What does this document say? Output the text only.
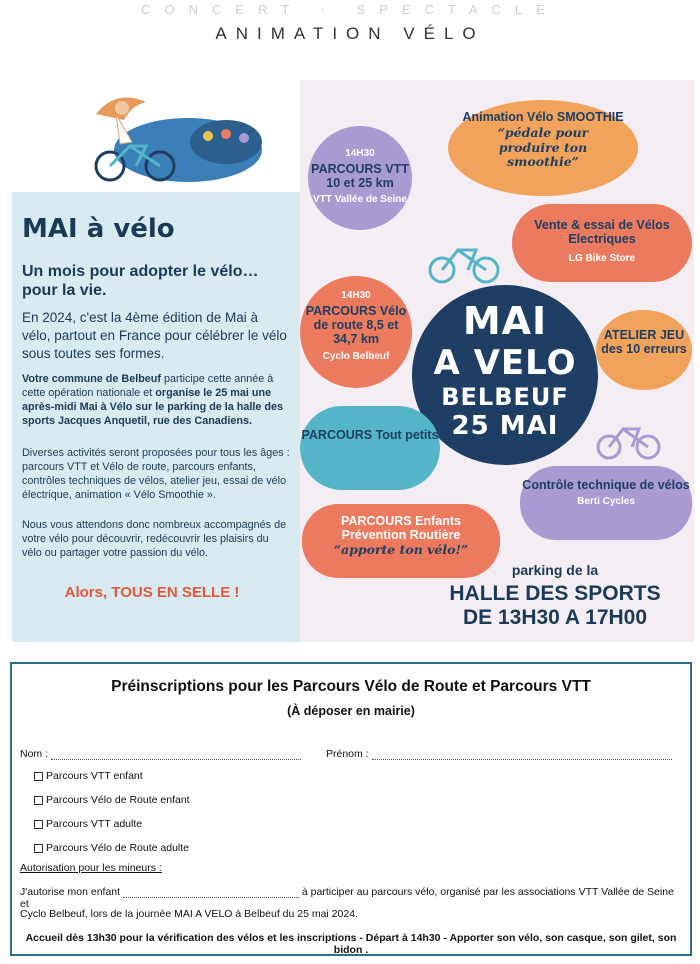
CONCERT · SPECTACLE
ANIMATION VÉLO
MAI à vélo
Un mois pour adopter le vélo… pour la vie.
En 2024, c'est la 4ème édition de Mai à vélo, partout en France pour célébrer le vélo sous toutes ses formes.
Votre commune de Belbeuf participe cette année à cette opération nationale et organise le 25 mai une après-midi Mai à Vélo sur le parking de la halle des sports Jacques Anquetil, rue des Canadiens.
Diverses activités seront proposées pour tous les âges : parcours VTT et Vélo de route, parcours enfants, contrôles techniques de vélos, atelier jeu, essai de vélo électrique, animation « Vélo Smoothie ».
Nous vous attendons donc nombreux accompagnés de votre vélo pour découvrir, redécouvrir les plaisirs du vélo ou partager votre passion du vélo.
Alors, TOUS EN SELLE !
14H30
PARCOURS VTT 10 et 25 km
VTT Vallée de Seine
Animation Vélo SMOOTHIE
“pédale pour produire ton smoothie”
Vente & essai de Vélos Electriques
LG Bike Store
14H30
PARCOURS Vélo de route 8,5 et 34,7 km
Cyclo Belbeuf
ATELIER JEU des 10 erreurs
MAI
A VELO
BELBEUF
25 MAI
PARCOURS Tout petits
Contrôle technique de vélos
Berti Cycles
PARCOURS Enfants
Prévention Routière
“apporte ton vélo!”
parking de la
HALLE DES SPORTS
DE 13H30 A 17H00
Préinscriptions pour les Parcours Vélo de Route et Parcours VTT
(À déposer en mairie)
Nom :	Prénom :
Parcours VTT enfant
Parcours Vélo de Route enfant
Parcours VTT adulte
Parcours Vélo de Route adulte
Autorisation pour les mineurs :
J'autorise mon enfant	à participer au parcours vélo, organisé par les associations VTT Vallée de Seine et
Cyclo Belbeuf, lors de la journée MAI A VELO à Belbeuf du 25 mai 2024.
Accueil dès 13h30 pour la vérification des vélos et les inscriptions - Départ à 14h30 - Apporter son vélo, son casque, son gilet, son bidon .
